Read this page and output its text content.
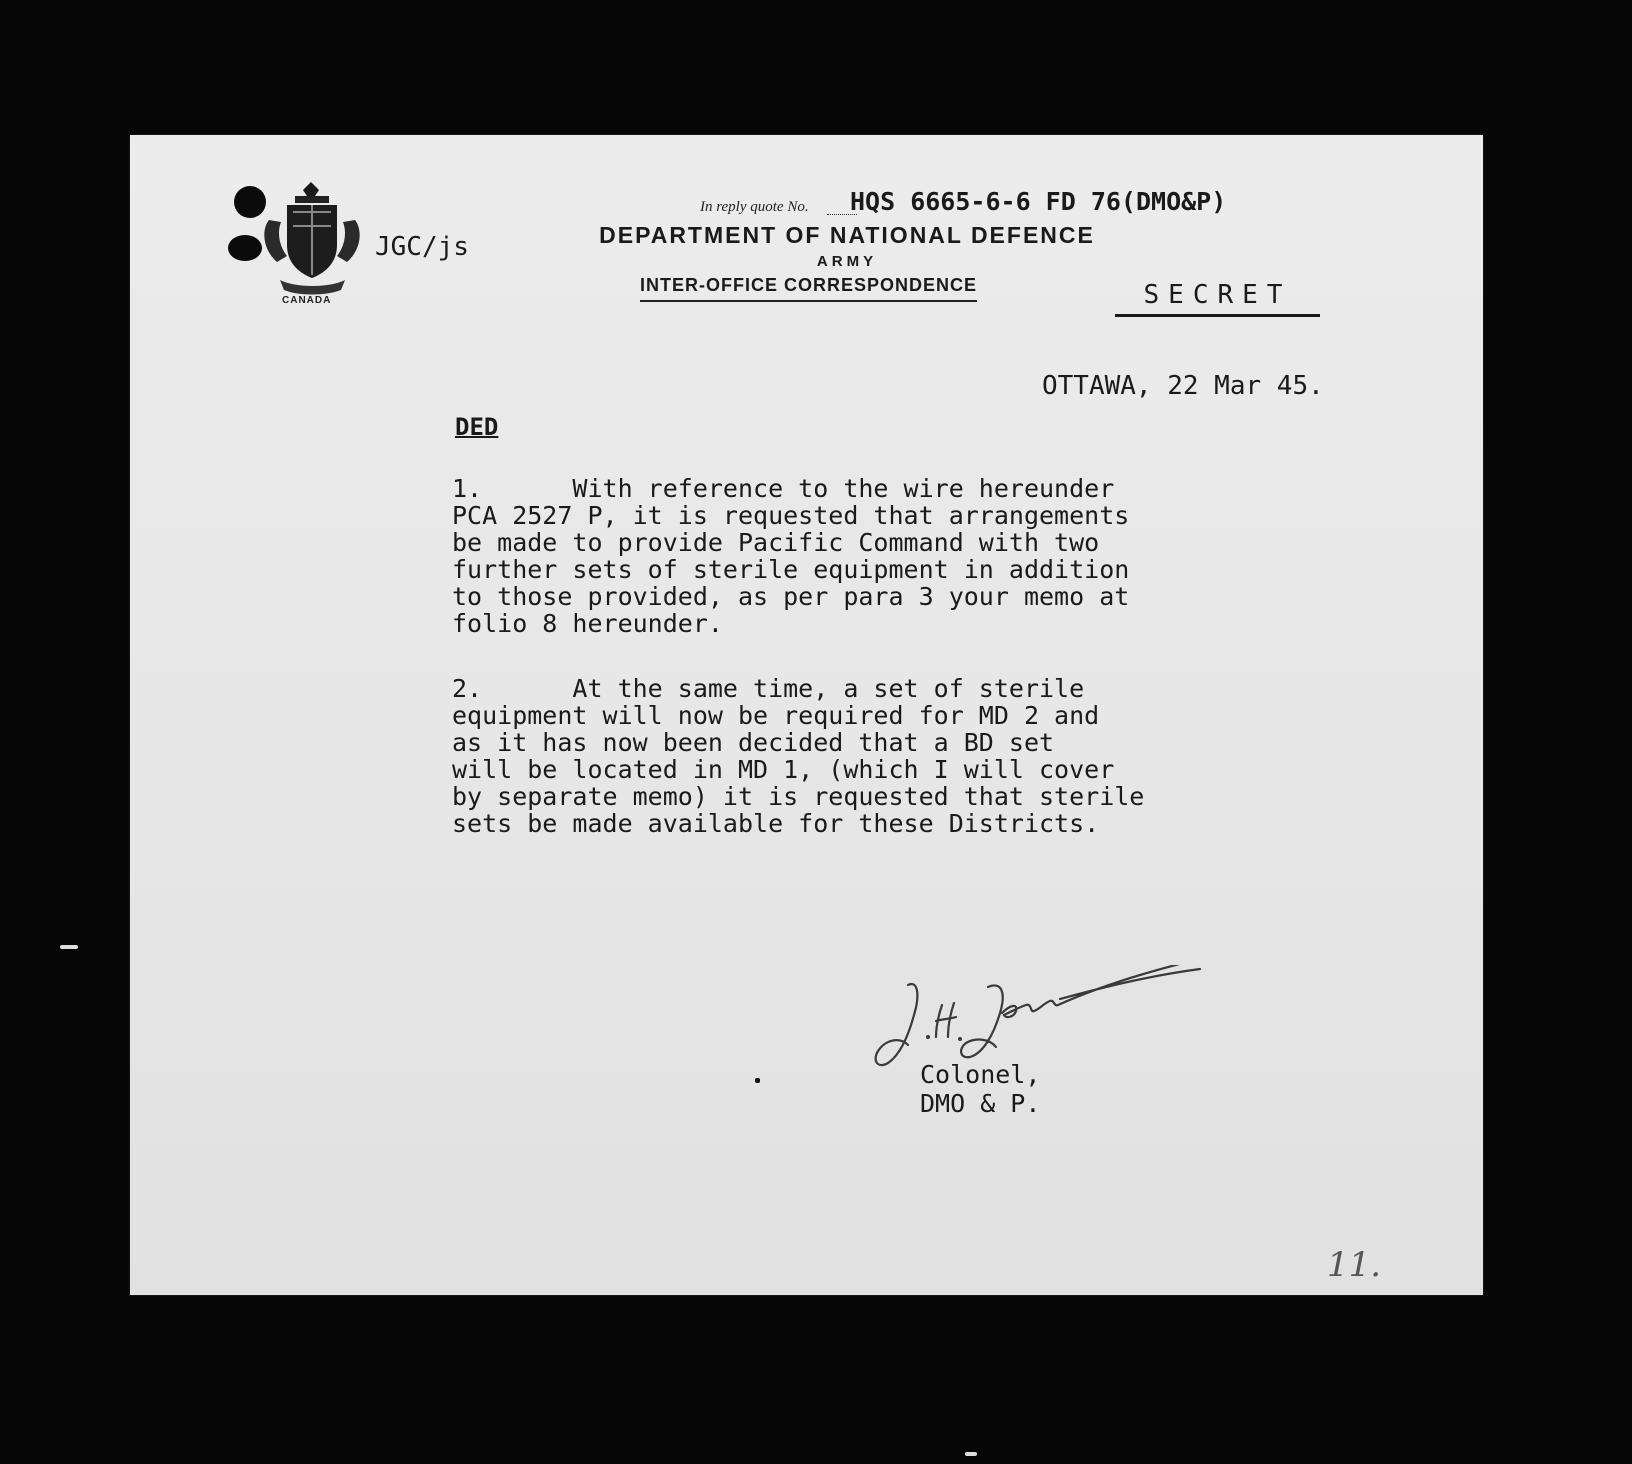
CANADA
JGC/js
In reply quote No. HQS 6665-6-6 FD 76(DMO&P)
DEPARTMENT OF NATIONAL DEFENCE
ARMY
INTER-OFFICE CORRESPONDENCE	SECRET
OTTAWA, 22 Mar 45.
DED
1.      With reference to the wire hereunder
PCA 2527 P, it is requested that arrangements
be made to provide Pacific Command with two
further sets of sterile equipment in addition
to those provided, as per para 3 your memo at
folio 8 hereunder.
2.      At the same time, a set of sterile
equipment will now be required for MD 2 and
as it has now been decided that a BD set
will be located in MD 1, (which I will cover
by separate memo) it is requested that sterile
sets be made available for these Districts.
Colonel,
DMO & P.
11.
